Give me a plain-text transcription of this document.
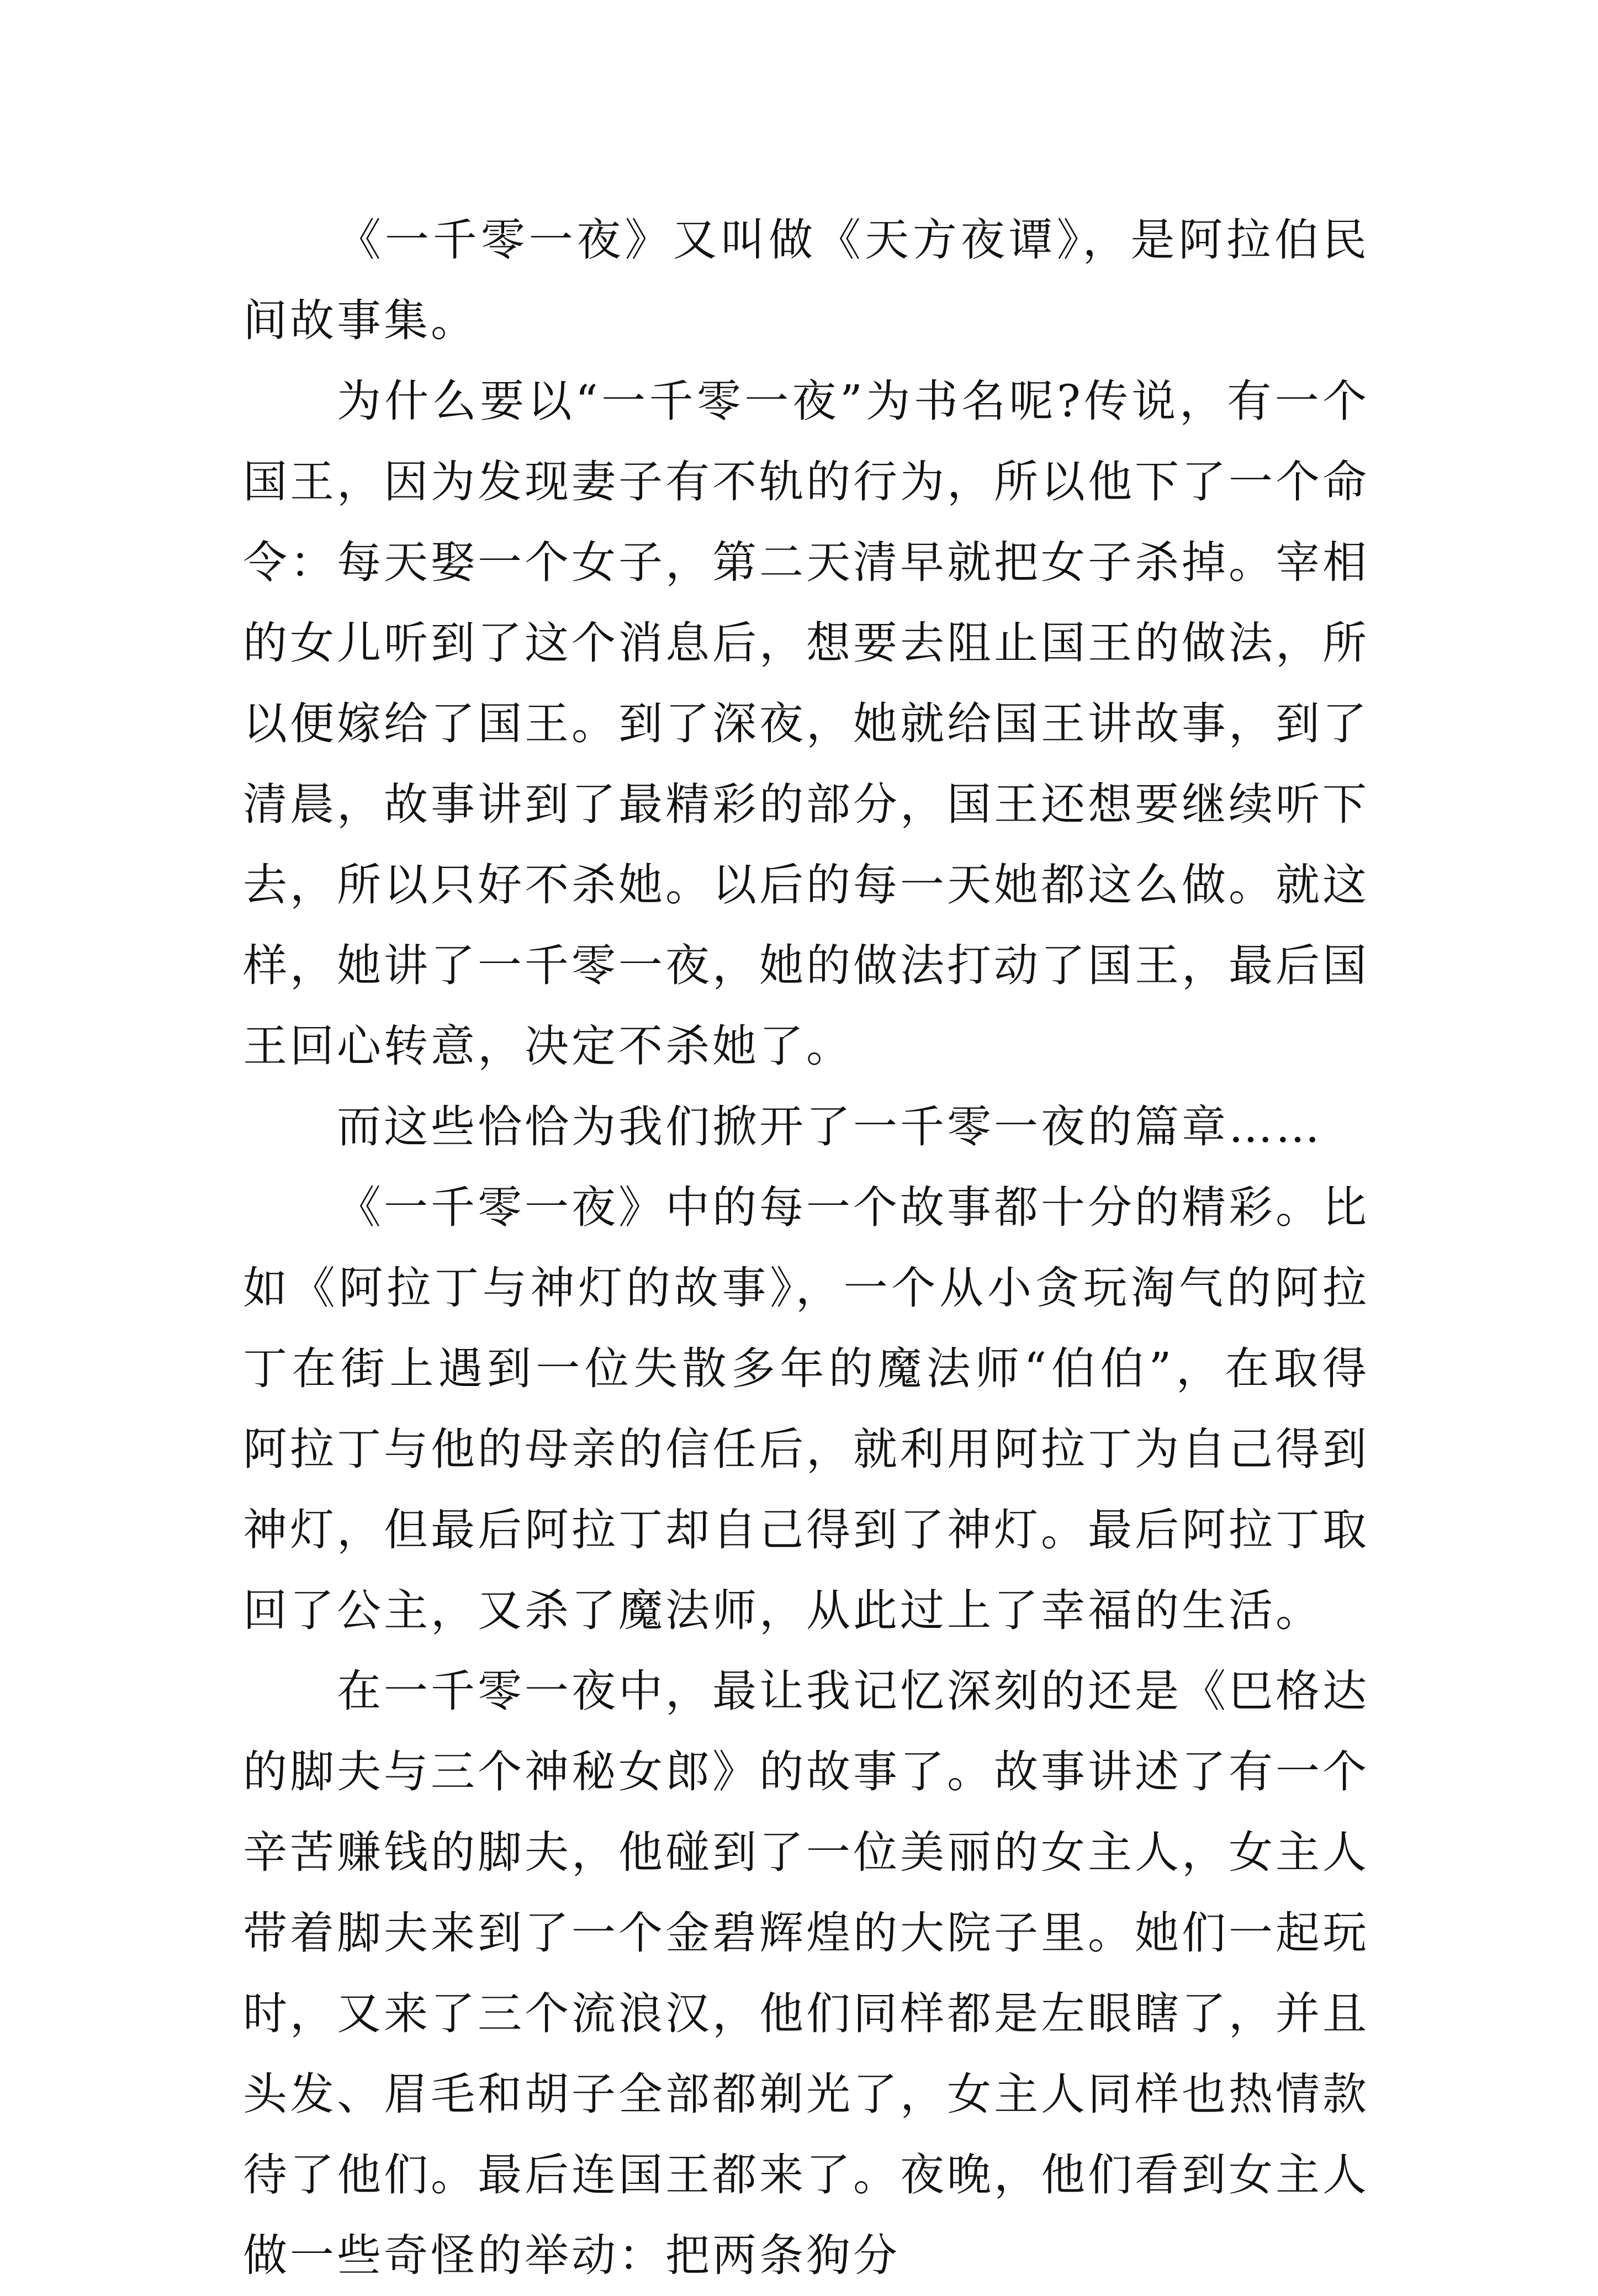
《一千零一夜》又叫做《天方夜谭》，是阿拉伯民间故事集。

为什么要以“一千零一夜”为书名呢?传说，有一个国王，因为发现妻子有不轨的行为，所以他下了一个命令：每天娶一个女子，第二天清早就把女子杀掉。宰相的女儿听到了这个消息后，想要去阻止国王的做法，所以便嫁给了国王。到了深夜，她就给国王讲故事，到了清晨，故事讲到了最精彩的部分，国王还想要继续听下去，所以只好不杀她。以后的每一天她都这么做。就这样，她讲了一千零一夜，她的做法打动了国王，最后国王回心转意，决定不杀她了。

而这些恰恰为我们掀开了一千零一夜的篇章……

《一千零一夜》中的每一个故事都十分的精彩。比如《阿拉丁与神灯的故事》，一个从小贪玩淘气的阿拉丁在街上遇到一位失散多年的魔法师“伯伯”，在取得阿拉丁与他的母亲的信任后，就利用阿拉丁为自己得到神灯，但最后阿拉丁却自己得到了神灯。最后阿拉丁取回了公主，又杀了魔法师，从此过上了幸福的生活。

在一千零一夜中，最让我记忆深刻的还是《巴格达的脚夫与三个神秘女郎》的故事了。故事讲述了有一个辛苦赚钱的脚夫，他碰到了一位美丽的女主人，女主人带着脚夫来到了一个金碧辉煌的大院子里。她们一起玩时，又来了三个流浪汉，他们同样都是左眼瞎了，并且头发、眉毛和胡子全部都剃光了，女主人同样也热情款待了他们。最后连国王都来了。夜晚，他们看到女主人做一些奇怪的举动：把两条狗分
